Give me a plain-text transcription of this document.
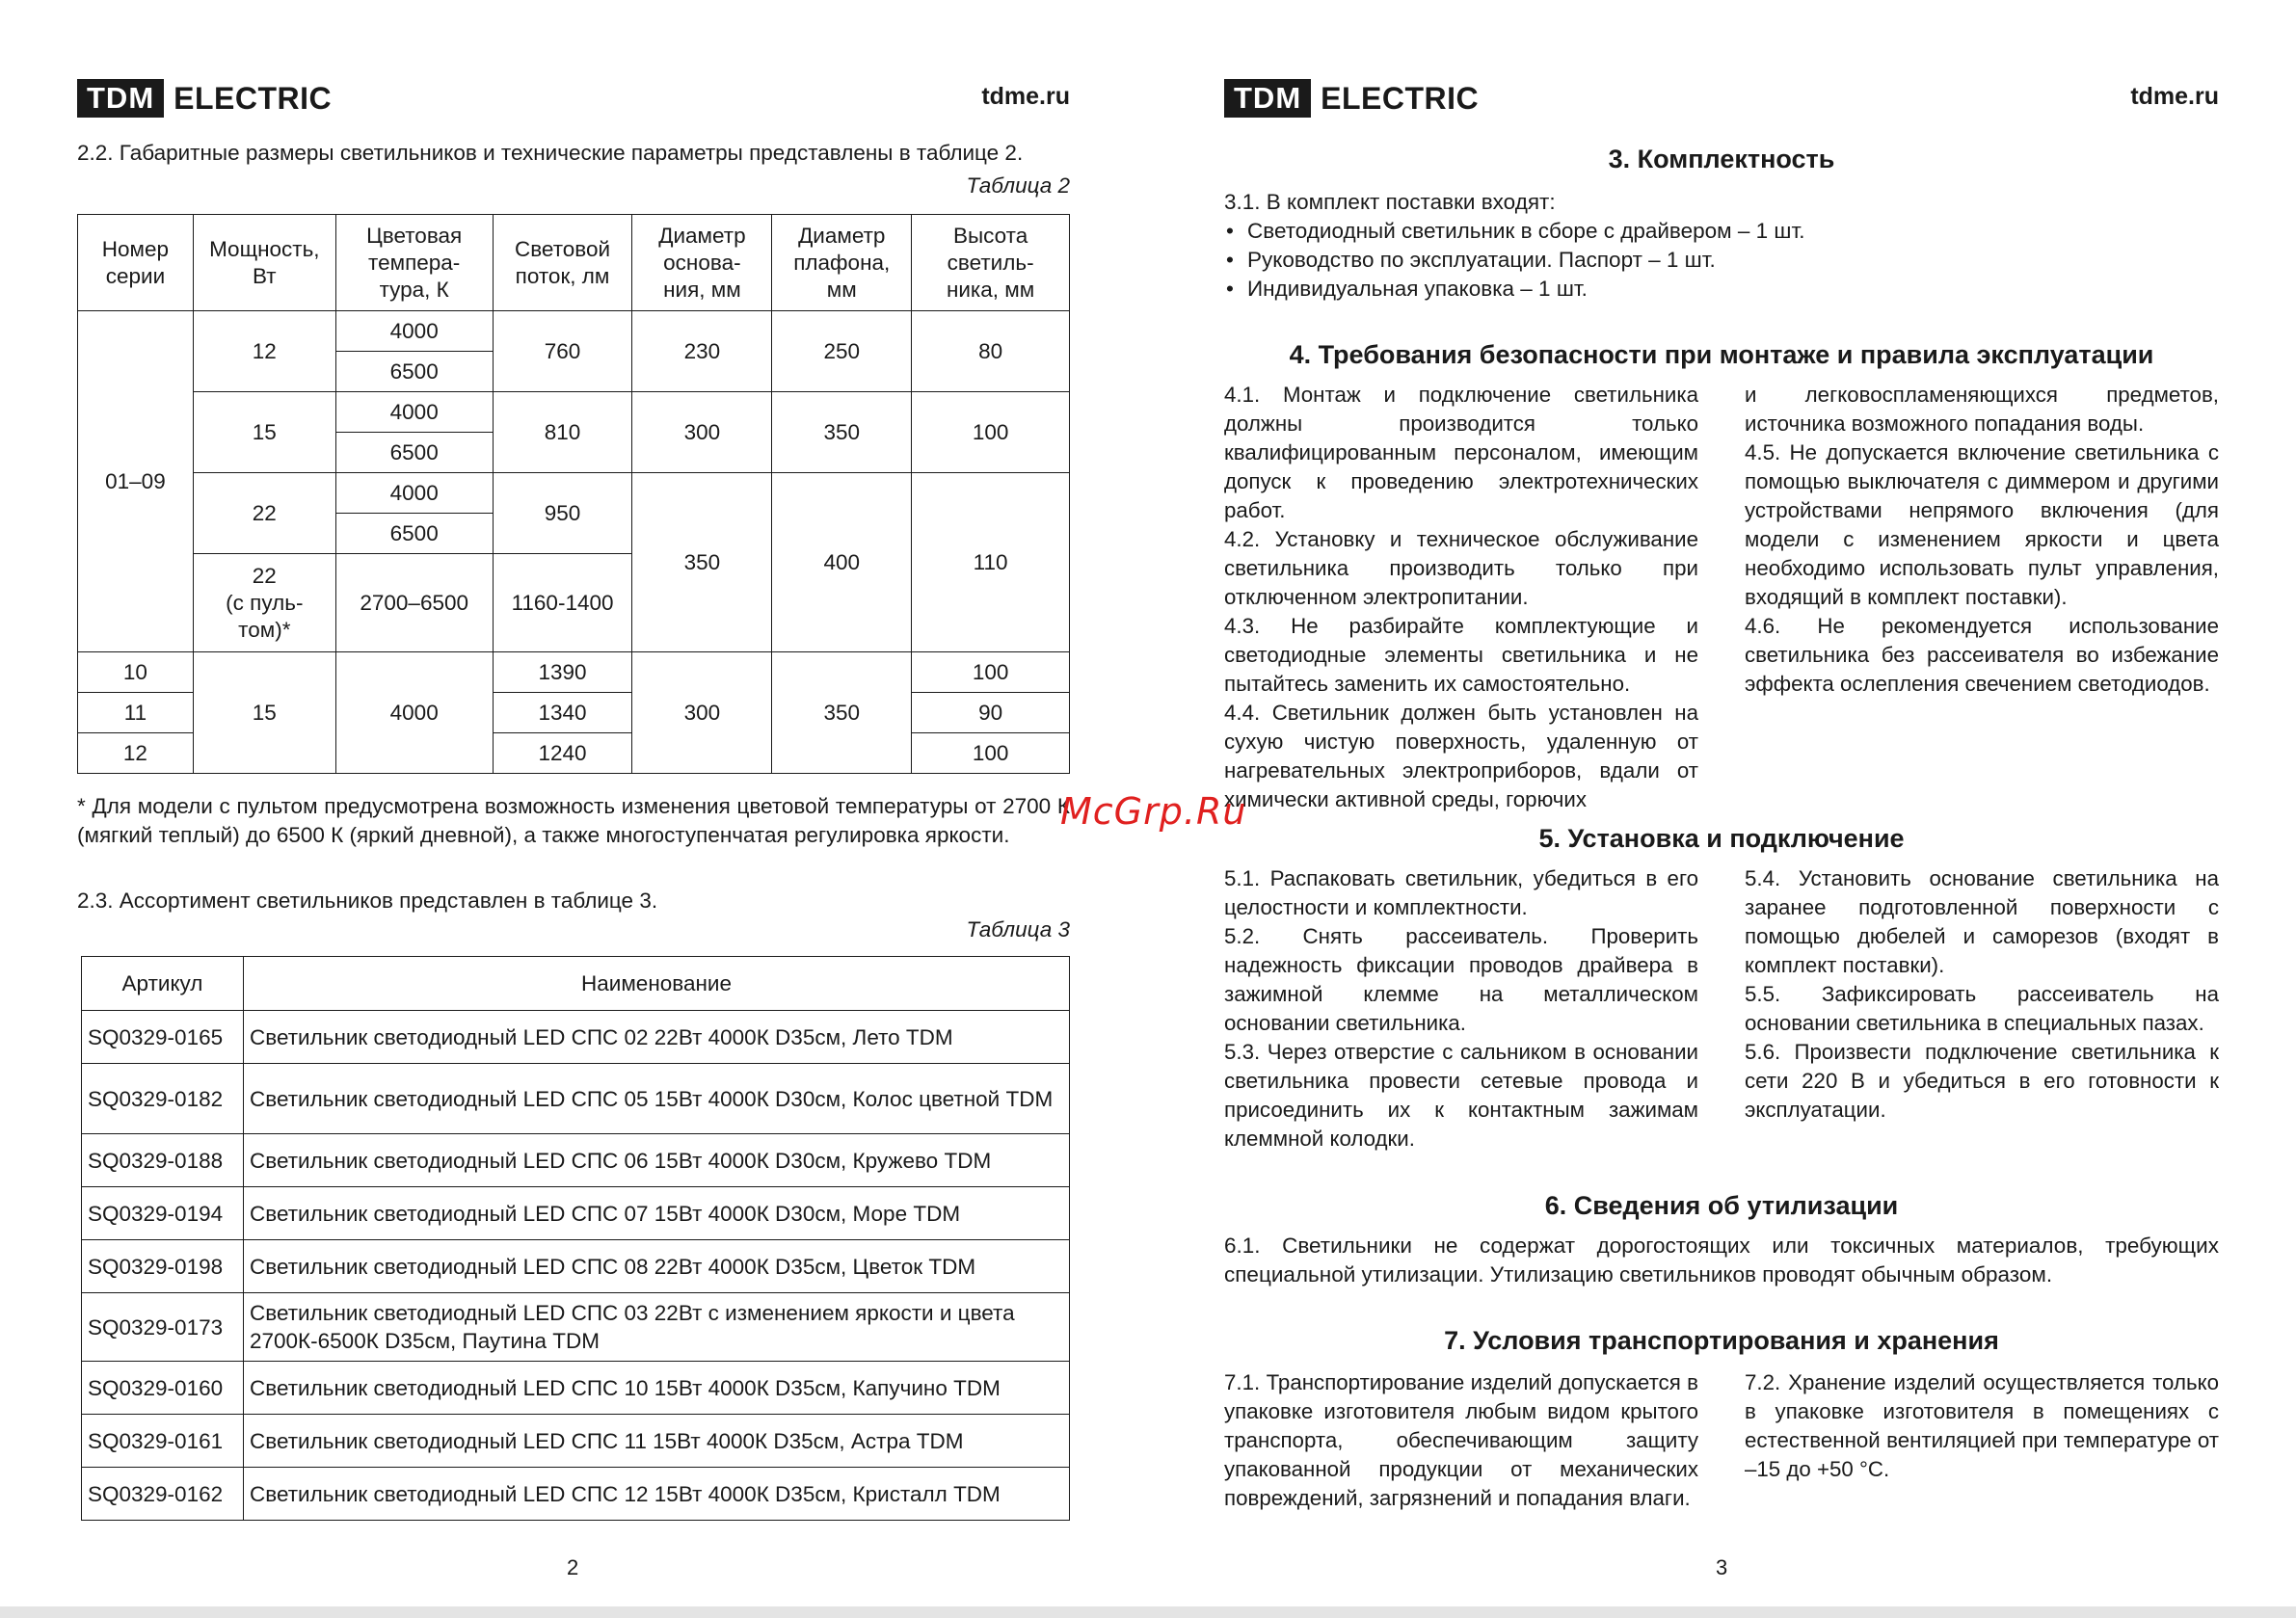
TDM ELECTRIC	tdme.ru
2.2. Габаритные размеры светильников и технические параметры представлены в таблице 2.
Таблица 2
Номер
серии	Мощность,
Вт	Цветовая
темпера-
тура, К	Световой
поток, лм	Диаметр
основа-
ния, мм	Диаметр
плафона,
мм	Высота
светиль-
ника, мм
01–09	12	4000	760	230	250	80
		6500				
	15	4000	810	300	350	100
		6500				
	22	4000	950	350	400	110
		6500				
	22
(с пуль-
том)*	2700–6500	1160-1400			
10	15	4000	1390	300	350	100
11			1340			90
12			1240			100
* Для модели с пультом предусмотрена возможность изменения цветовой температуры от 2700 К (мягкий теплый) до 6500 К (яркий дневной), а также многоступенчатая регулировка яркости.
2.3. Ассортимент светильников представлен в таблице 3.
Таблица 3
Артикул	Наименование
SQ0329-0165	Светильник светодиодный LED СПС 02 22Вт 4000К D35см, Лето TDM
SQ0329-0182	Светильник светодиодный LED СПС 05 15Вт 4000К D30см, Колос цветной TDM
SQ0329-0188	Светильник светодиодный LED СПС 06 15Вт 4000К D30см, Кружево TDM
SQ0329-0194	Светильник светодиодный LED СПС 07 15Вт 4000К D30см, Море TDM
SQ0329-0198	Светильник светодиодный LED СПС 08 22Вт 4000К D35см, Цветок TDM
SQ0329-0173	Светильник светодиодный LED СПС 03 22Вт с изменением яркости и цвета 2700К-6500К D35см, Паутина TDM
SQ0329-0160	Светильник светодиодный LED СПС 10 15Вт 4000К D35см, Капучино TDM
SQ0329-0161	Светильник светодиодный LED СПС 11 15Вт 4000К D35см, Астра TDM
SQ0329-0162	Светильник светодиодный LED СПС 12 15Вт 4000К D35см, Кристалл TDM
2
TDM ELECTRIC	tdme.ru
3. Комплектность
3.1. В комплект поставки входят:
• Светодиодный светильник в сборе с драйвером – 1 шт.
• Руководство по эксплуатации. Паспорт – 1 шт.
• Индивидуальная упаковка – 1 шт.
4. Требования безопасности при монтаже и правила эксплуатации

4.1. Монтаж и подключение светильника должны производится только квалифицированным персоналом, имеющим допуск к проведению электротехнических работ.

4.2. Установку и техническое обслуживание светильника производить только при отключенном электропитании.

4.3. Не разбирайте комплектующие и светодиодные элементы светильника и не пытайтесь заменить их самостоятельно.

4.4. Светильник должен быть установлен на сухую чистую поверхность, удаленную от нагревательных электроприборов, вдали от химически активной среды, горючих

и легковоспламеняющихся предметов, источника возможного попадания воды.

4.5. Не допускается включение светильника с помощью выключателя с диммером и другими устройствами непрямого включения (для модели с изменением яркости и цвета необходимо использовать пульт управления, входящий в комплект поставки).

4.6. Не рекомендуется использование светильника без рассеивателя во избежание эффекта ослепления свечением светодиодов.

5. Установка и подключение

5.1. Распаковать светильник, убедиться в его целостности и комплектности.

5.2. Снять рассеиватель. Проверить надежность фиксации проводов драйвера в зажимной клемме на металлическом основании светильника.

5.3. Через отверстие с сальником в основании светильника провести сетевые провода и присоединить их к контактным зажимам клеммной колодки.

5.4. Установить основание светильника на заранее подготовленной поверхности с помощью дюбелей и саморезов (входят в комплект поставки).

5.5. Зафиксировать рассеиватель на основании светильника в специальных пазах.

5.6. Произвести подключение светильника к сети 220 В и убедиться в его готовности к эксплуатации.

6. Сведения об утилизации
6.1. Светильники не содержат дорогостоящих или токсичных материалов, требующих специальной утилизации. Утилизацию светильников проводят обычным образом.
7. Условия транспортирования и хранения

7.1. Транспортирование изделий допускается в упаковке изготовителя любым видом крытого транспорта, обеспечивающим защиту упакованной продукции от механических повреждений, загрязнений и попадания влаги.

7.2. Хранение изделий осуществляется только в упаковке изготовителя в помещениях с естественной вентиляцией при температуре от –15 до +50 °С.

3
McGrp.Ru
